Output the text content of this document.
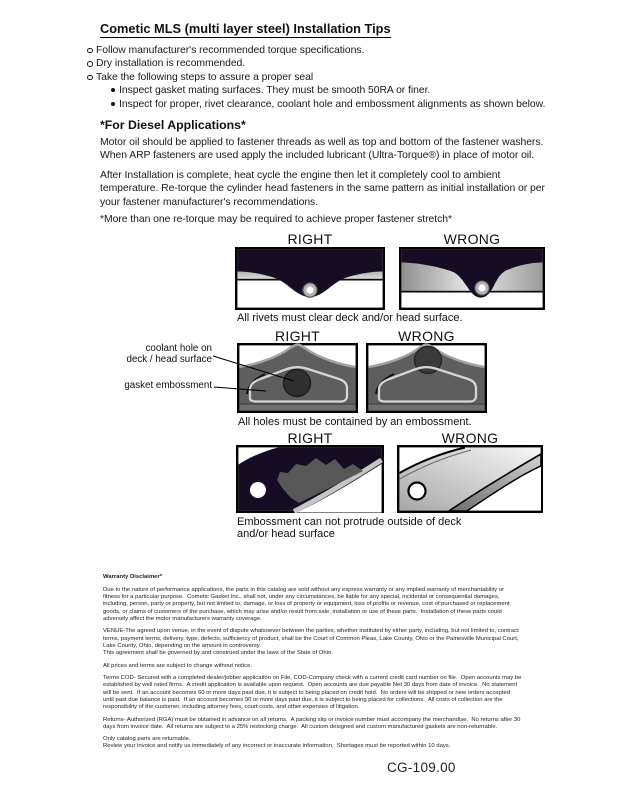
Cometic MLS (multi layer steel) Installation Tips
Follow manufacturer's recommended torque specifications.
Dry installation is recommended.
Take the following steps to assure a proper seal
Inspect gasket mating surfaces. They must be smooth 50RA or finer.
Inspect for proper, rivet clearance, coolant hole and embossment alignments as shown below.
*For Diesel Applications*
Motor oil should be applied to fastener threads as well as top and bottom of the fastener washers. When ARP fasteners are used apply the included lubricant (Ultra-Torque®) in place of motor oil.
After Installation is complete, heat cycle the engine then let it completely cool to ambient temperature. Re-torque the cylinder head fasteners in the same pattern as initial installation or per your fastener manufacturer's recommendations.
*More than one re-torque may be required to achieve proper fastener stretch*
RIGHT	WRONG
All rivets must clear deck and/or head surface.
RIGHT	WRONG
coolant hole on
deck / head surface
gasket embossment
All holes must be contained by an embossment.
RIGHT	WRONG
Embossment can not protrude outside of deck
and/or head surface
Warranty Disclaimer*

Due to the nature of performance applications, the parts in this catalog are sold without any express warranty or any implied warranty of merchantability or fitness for a particular purpose.  Cometic Gasket Inc., shall not, under any circumstances, be liable for any special, incidental or consequential damages, including, person, party or property, but not limited to, damage, or loss of property or equipment, loss of profits or revenue, cost of purchased or replacement goods, or claims of customers of the purchase, which may arise and/or result from sale, installation or use of these parts.  Installation of these parts could adversely affect the motor manufacturers warranty coverage.

VENUE-The agreed upon venue, in the event of dispute whatsoever between the parties, whether instituted by either party, including, but not limited to, contract terms, payment terms, delivery, type, defects, sufficiency of product, shall be the Court of Common Pleas, Lake County, Ohio or the Painesville Municipal Court, Lake County, Ohio, depending on the amount in controversy.

This agreement shall be governed by and construed under the laws of the State of Ohio.

All prices and terms are subject to change without notice.

Terms COD- Secured with a completed dealer/jobber application on File, COD-Company check with a current credit card number on file.  Open accounts may be established by well rated firms.  A credit application is available upon request.  Open accounts are due payable Net 30 days from date of invoice.  No statement will be sent.  If an account becomes 60 or more days past due, it is subject to being placed on credit hold.  No orders will be shipped or new orders accepted until past due balance is paid.  If an account becomes 90 or more days past due, it is subject to being placed for collections.  All costs of collection are the responsibility of the customer, including attorney fees, court costs, and other expenses of litigation.

Returns- Authorized (RGA) must be obtained in advance on all returns.  A packing slip or invoice number must accompany the merchandise.  No returns after 30 days from invoice date.  All returns are subject to a 25% restocking charge.  All custom designed and custom manufactured gaskets are non-returnable.

Only catalog parts are returnable.

Review your invoice and notify us immediately of any incorrect or inaccurate information.  Shortages must be reported within 10 days.

CG-109.00
